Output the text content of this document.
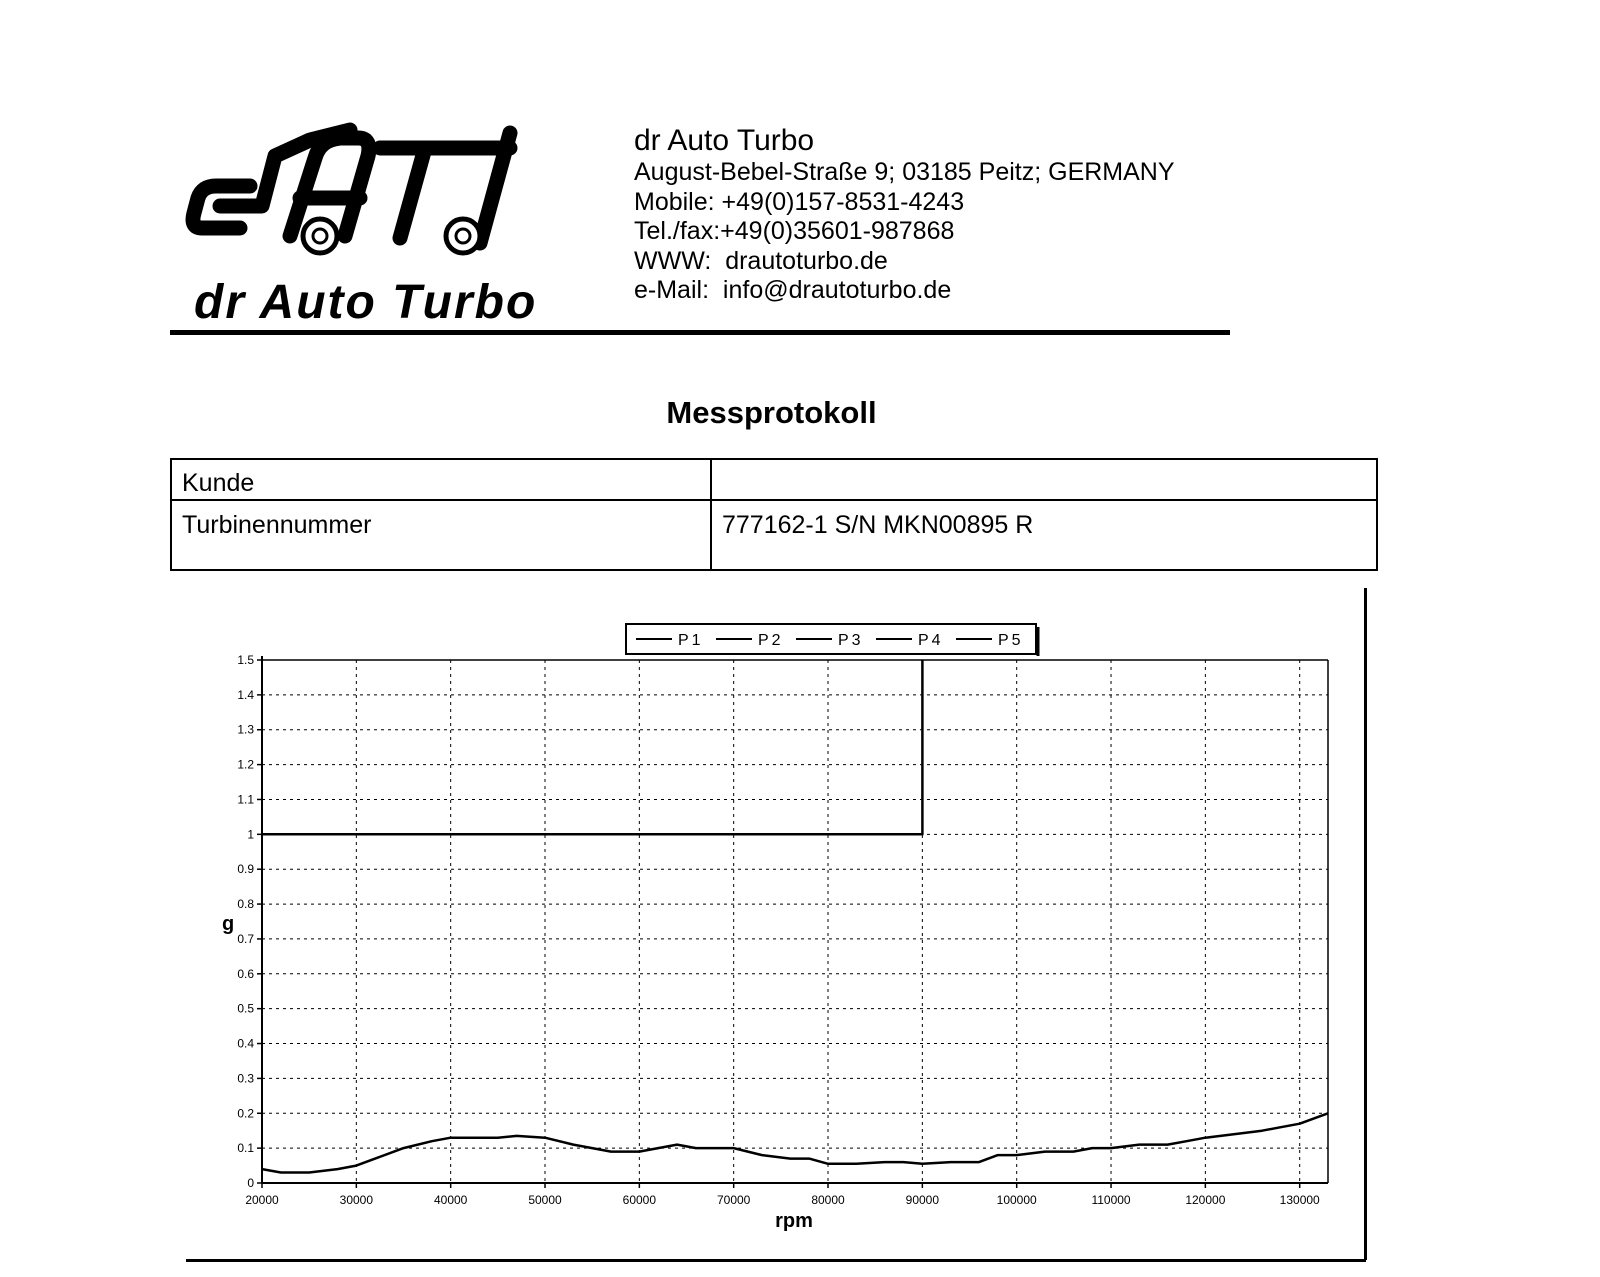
dr Auto Turbo
dr Auto Turbo
August-Bebel-Straße 9; 03185 Peitz; GERMANY
Mobile: +49(0)157-8531-4243
Tel./fax:+49(0)35601-987868
WWW: drautoturbo.de
e-Mail: info@drautoturbo.de
Messprotokoll
Kunde	
Turbinennummer	777162-1 S/N MKN00895 R
0
0.1
0.2
0.3
0.4
0.5
0.6
0.7
0.8
0.9
1
1.1
1.2
1.3
1.4
1.5
20000	30000	40000	50000	60000	70000	80000	90000	100000	110000	120000	130000
g
rpm
P1	P2	P3	P4	P5
